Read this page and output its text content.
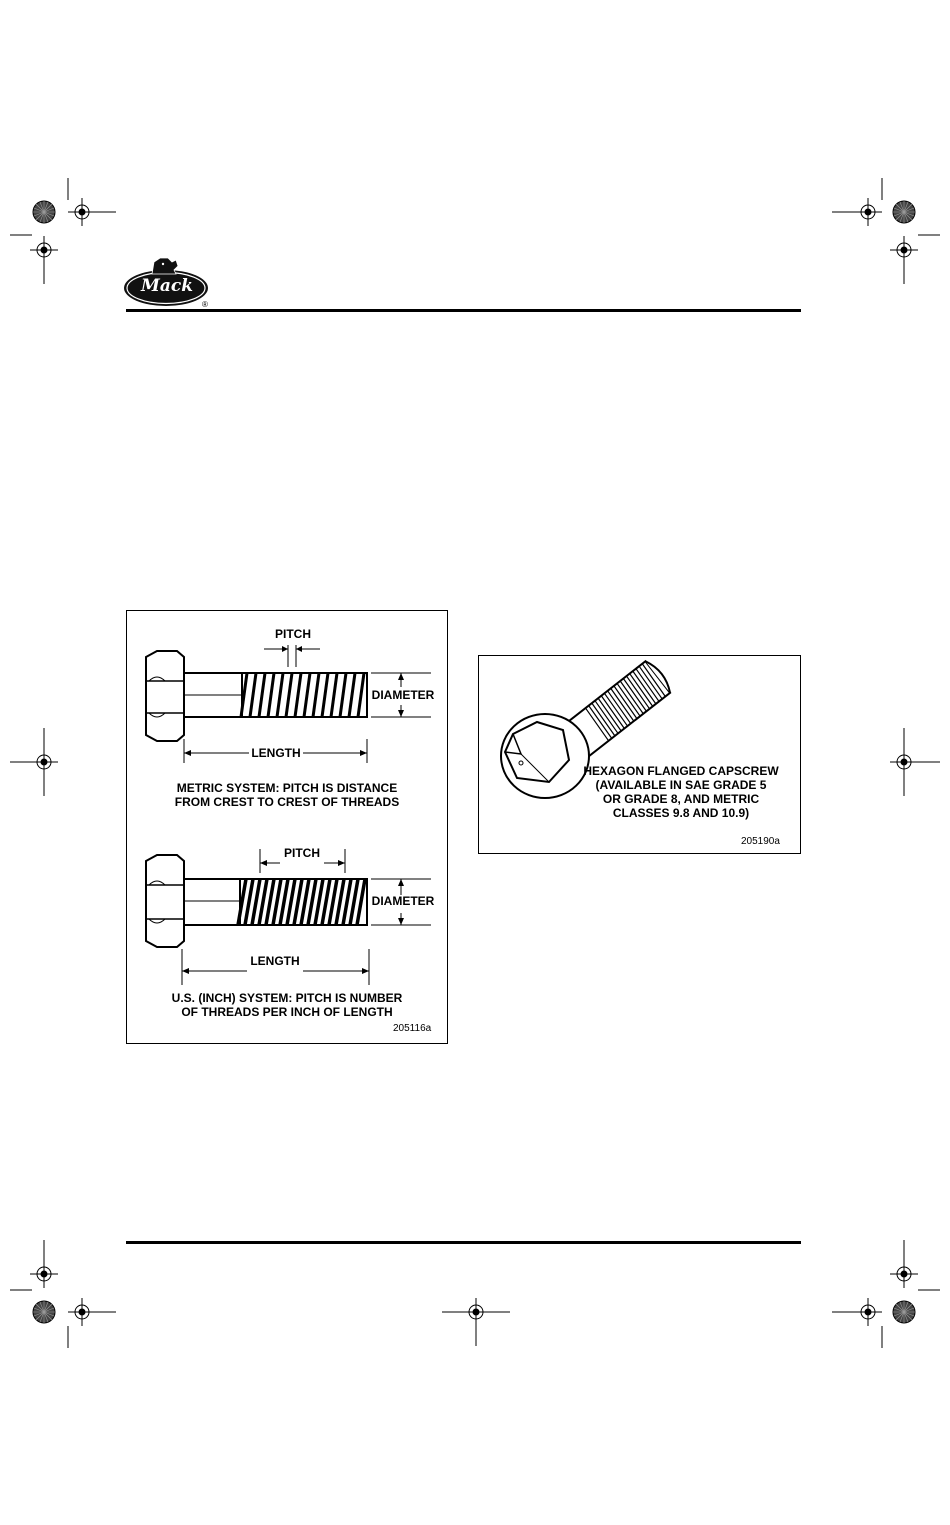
Mack
®
PITCH
DIAMETER
LENGTH
METRIC SYSTEM: PITCH IS DISTANCE
FROM CREST TO CREST OF THREADS
PITCH
DIAMETER
LENGTH
U.S. (INCH) SYSTEM: PITCH IS NUMBER
OF THREADS PER INCH OF LENGTH
205116a
HEXAGON FLANGED CAPSCREW
(AVAILABLE IN SAE GRADE 5
OR GRADE 8, AND METRIC
CLASSES 9.8 AND 10.9)
205190a
